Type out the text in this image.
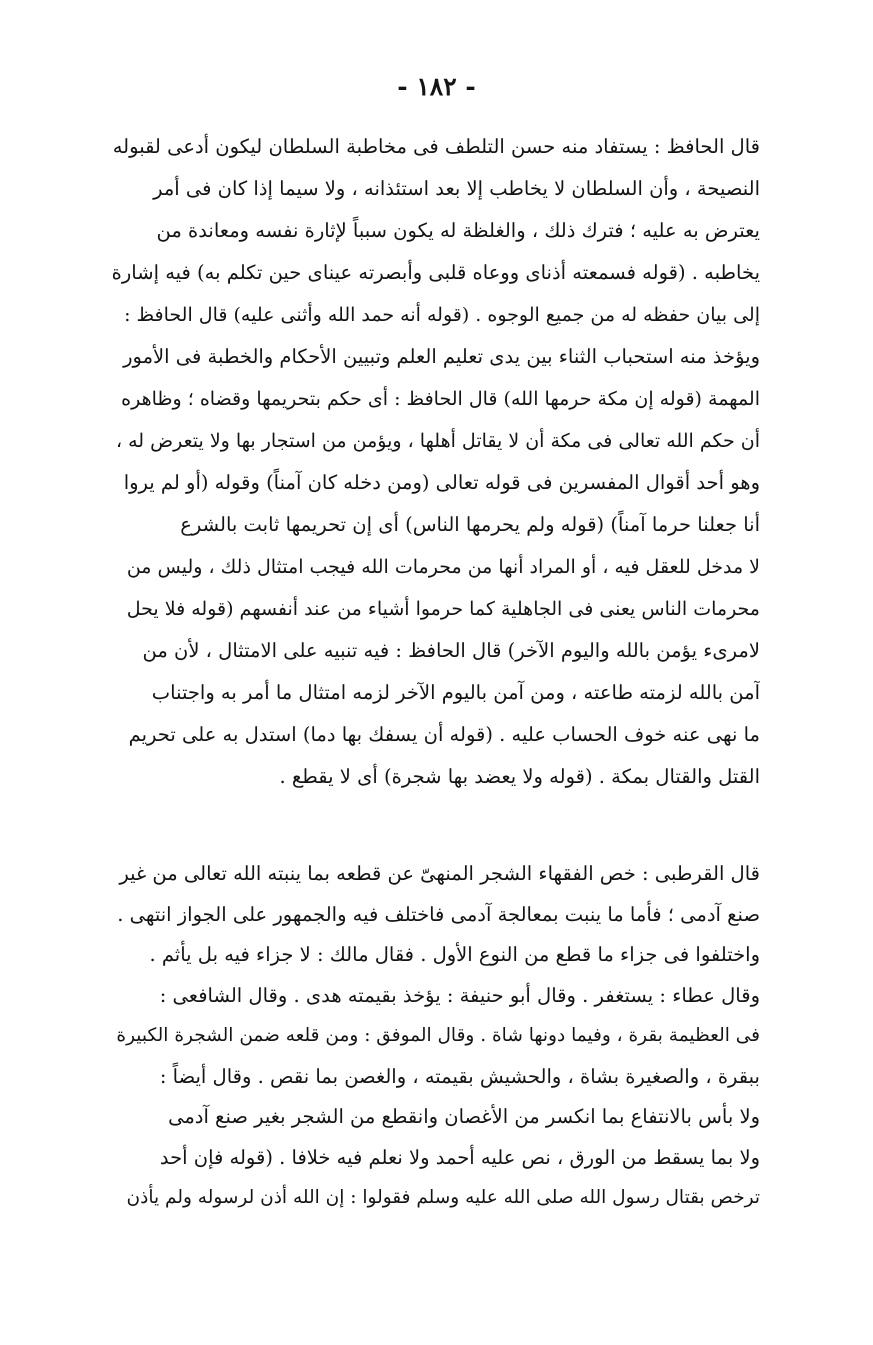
- ١٨٢ -
قال الحافظ : يستفاد منه حسن التلطف فى مخاطبة السلطان ليكون أدعى لقبوله
النصيحة ، وأن السلطان لا يخاطب إلا بعد استئذانه ، ولا سيما إذا كان فى أمر
يعترض به عليه ؛ فترك ذلك ، والغلظة له يكون سبباً لإثارة نفسه ومعاندة من
يخاطبه . (قوله فسمعته أذناى ووعاه قلبى وأبصرته عيناى حين تكلم به) فيه إشارة
إلى بيان حفظه له من جميع الوجوه . (قوله أنه حمد الله وأثنى عليه) قال الحافظ :
ويؤخذ منه استحباب الثناء بين يدى تعليم العلم وتبيين الأحكام والخطبة فى الأمور
المهمة (قوله إن مكة حرمها الله) قال الحافظ : أى حكم بتحريمها وقضاه ؛ وظاهره
أن حكم الله تعالى فى مكة أن لا يقاتل أهلها ، ويؤمن من استجار بها ولا يتعرض له ،
وهو أحد أقوال المفسرين فى قوله تعالى (ومن دخله كان آمناً) وقوله (أو لم يروا
أنا جعلنا حرما آمناً) (قوله ولم يحرمها الناس) أى إن تحريمها ثابت بالشرع
لا مدخل للعقل فيه ، أو المراد أنها من محرمات الله فيجب امتثال ذلك ، وليس من
محرمات الناس يعنى فى الجاهلية كما حرموا أشياء من عند أنفسهم (قوله فلا يحل
لامرىء يؤمن بالله واليوم الآخر) قال الحافظ : فيه تنبيه على الامتثال ، لأن من
آمن بالله لزمته طاعته ، ومن آمن باليوم الآخر لزمه امتثال ما أمر به واجتناب
ما نهى عنه خوف الحساب عليه . (قوله أن يسفك بها دما) استدل به على تحريم
القتل والقتال بمكة . (قوله ولا يعضد بها شجرة) أى لا يقطع .
قال القرطبى : خص الفقهاء الشجر المنهىّ عن قطعه بما ينبته الله تعالى من غير
صنع آدمى ؛ فأما ما ينبت بمعالجة آدمى فاختلف فيه والجمهور على الجواز انتهى .
واختلفوا فى جزاء ما قطع من النوع الأول . فقال مالك : لا جزاء فيه بل يأثم .
وقال عطاء : يستغفر . وقال أبو حنيفة : يؤخذ بقيمته هدى . وقال الشافعى :
فى العظيمة بقرة ، وفيما دونها شاة . وقال الموفق : ومن قلعه ضمن الشجرة الكبيرة
ببقرة ، والصغيرة بشاة ، والحشيش بقيمته ، والغصن بما نقص . وقال أيضاً :
ولا بأس بالانتفاع بما انكسر من الأغصان وانقطع من الشجر بغير صنع آدمى
ولا بما يسقط من الورق ، نص عليه أحمد ولا نعلم فيه خلافا . (قوله فإن أحد
ترخص بقتال رسول الله صلى الله عليه وسلم فقولوا : إن الله أذن لرسوله ولم يأذن
